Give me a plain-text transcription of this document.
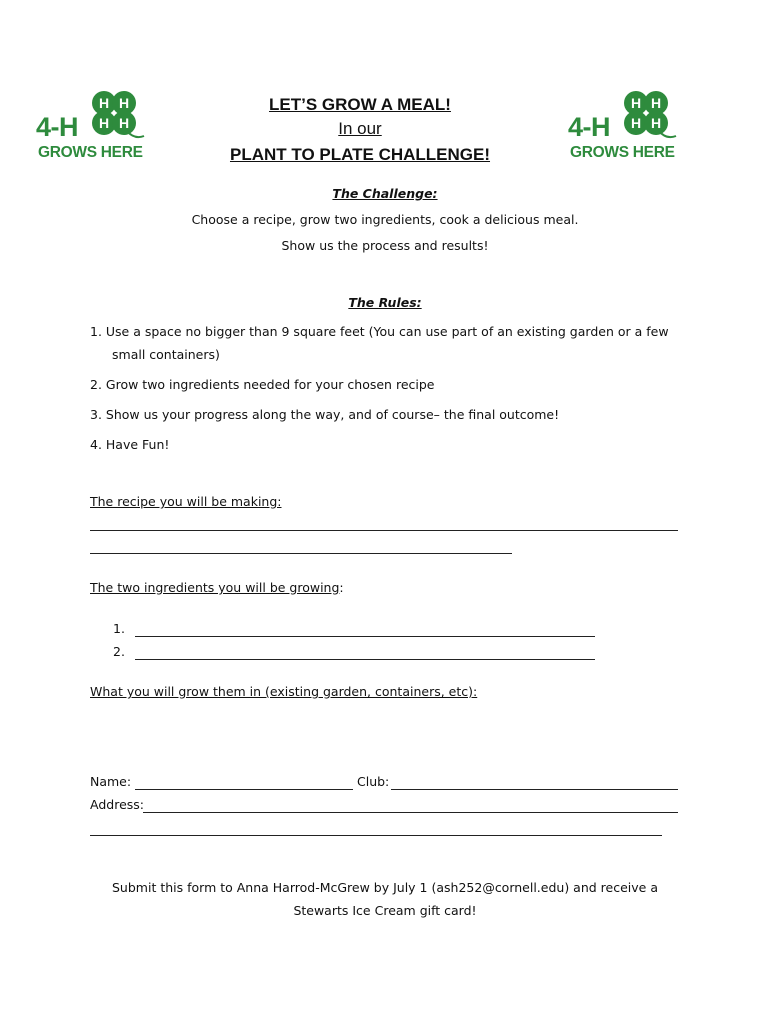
H H
H H
4-H
GROWS HERE
H H
H H
4-H
GROWS HERE
LET’S GROW A MEAL!
In our
PLANT TO PLATE CHALLENGE!
The Challenge:
Choose a recipe, grow two ingredients, cook a delicious meal.
Show us the process and results!
The Rules:
1. Use a space no bigger than 9 square feet (You can use part of an existing garden or a few
small containers)
2. Grow two ingredients needed for your chosen recipe
3. Show us your progress along the way, and of course– the final outcome!
4. Have Fun!
The recipe you will be making:
The two ingredients you will be growing:
1.
2.
What you will grow them in (existing garden, containers, etc):
Name:	Club:
Address:
Submit this form to Anna Harrod-McGrew by July 1 (ash252@cornell.edu) and receive a
Stewarts Ice Cream gift card!
